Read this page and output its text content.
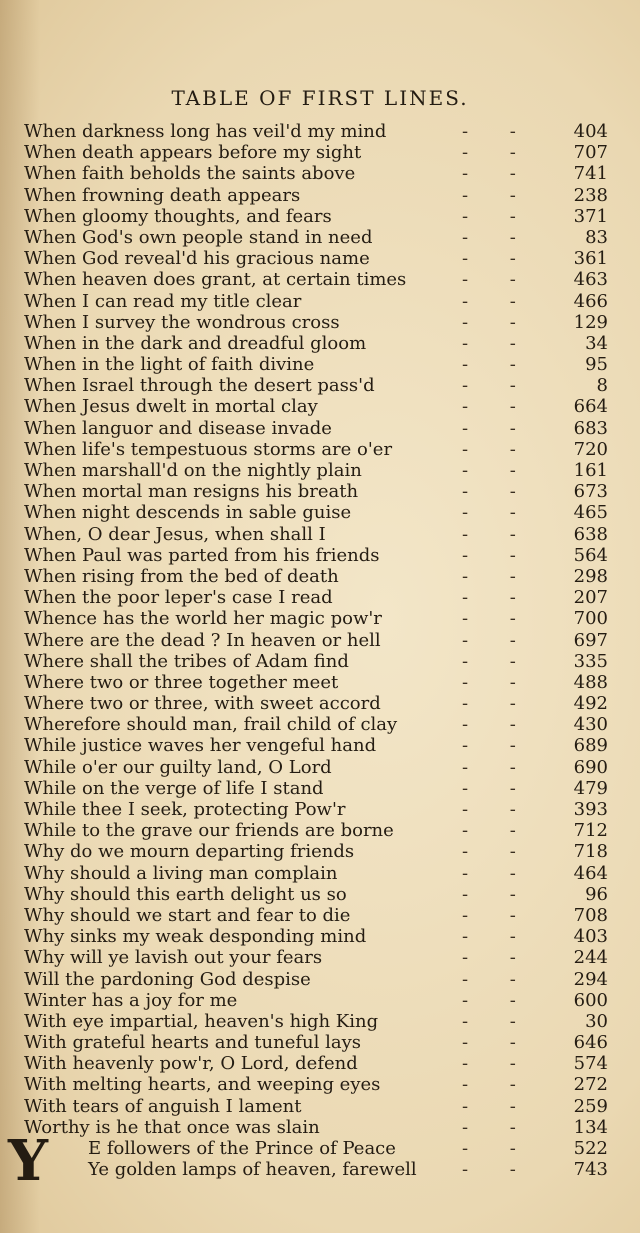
TABLE OF FIRST LINES.
When darkness long has veil'd my mind	- -	404
When death appears before my sight	- -	707
When faith beholds the saints above	- -	741
When frowning death appears	- -	238
When gloomy thoughts, and fears	- -	371
When God's own people stand in need	- -	83
When God reveal'd his gracious name	- -	361
When heaven does grant, at certain times	- -	463
When I can read my title clear	- -	466
When I survey the wondrous cross	- -	129
When in the dark and dreadful gloom	- -	34
When in the light of faith divine	- -	95
When Israel through the desert pass'd	- -	8
When Jesus dwelt in mortal clay	- -	664
When languor and disease invade	- -	683
When life's tempestuous storms are o'er	- -	720
When marshall'd on the nightly plain	- -	161
When mortal man resigns his breath	- -	673
When night descends in sable guise	- -	465
When, O dear Jesus, when shall I	- -	638
When Paul was parted from his friends	- -	564
When rising from the bed of death	- -	298
When the poor leper's case I read	- -	207
Whence has the world her magic pow'r	- -	700
Where are the dead ? In heaven or hell	- -	697
Where shall the tribes of Adam find	- -	335
Where two or three together meet	- -	488
Where two or three, with sweet accord	- -	492
Wherefore should man, frail child of clay	- -	430
While justice waves her vengeful hand	- -	689
While o'er our guilty land, O Lord	- -	690
While on the verge of life I stand	- -	479
While thee I seek, protecting Pow'r	- -	393
While to the grave our friends are borne	- -	712
Why do we mourn departing friends	- -	718
Why should a living man complain	- -	464
Why should this earth delight us so	- -	96
Why should we start and fear to die	- -	708
Why sinks my weak desponding mind	- -	403
Why will ye lavish out your fears	- -	244
Will the pardoning God despise	- -	294
Winter has a joy for me	- -	600
With eye impartial, heaven's high King	- -	30
With grateful hearts and tuneful lays	- -	646
With heavenly pow'r, O Lord, defend	- -	574
With melting hearts, and weeping eyes	- -	272
With tears of anguish I lament	- -	259
Worthy is he that once was slain	- -	134
E followers of the Prince of Peace	- -	522
Ye golden lamps of heaven, farewell	- -	743
Y
